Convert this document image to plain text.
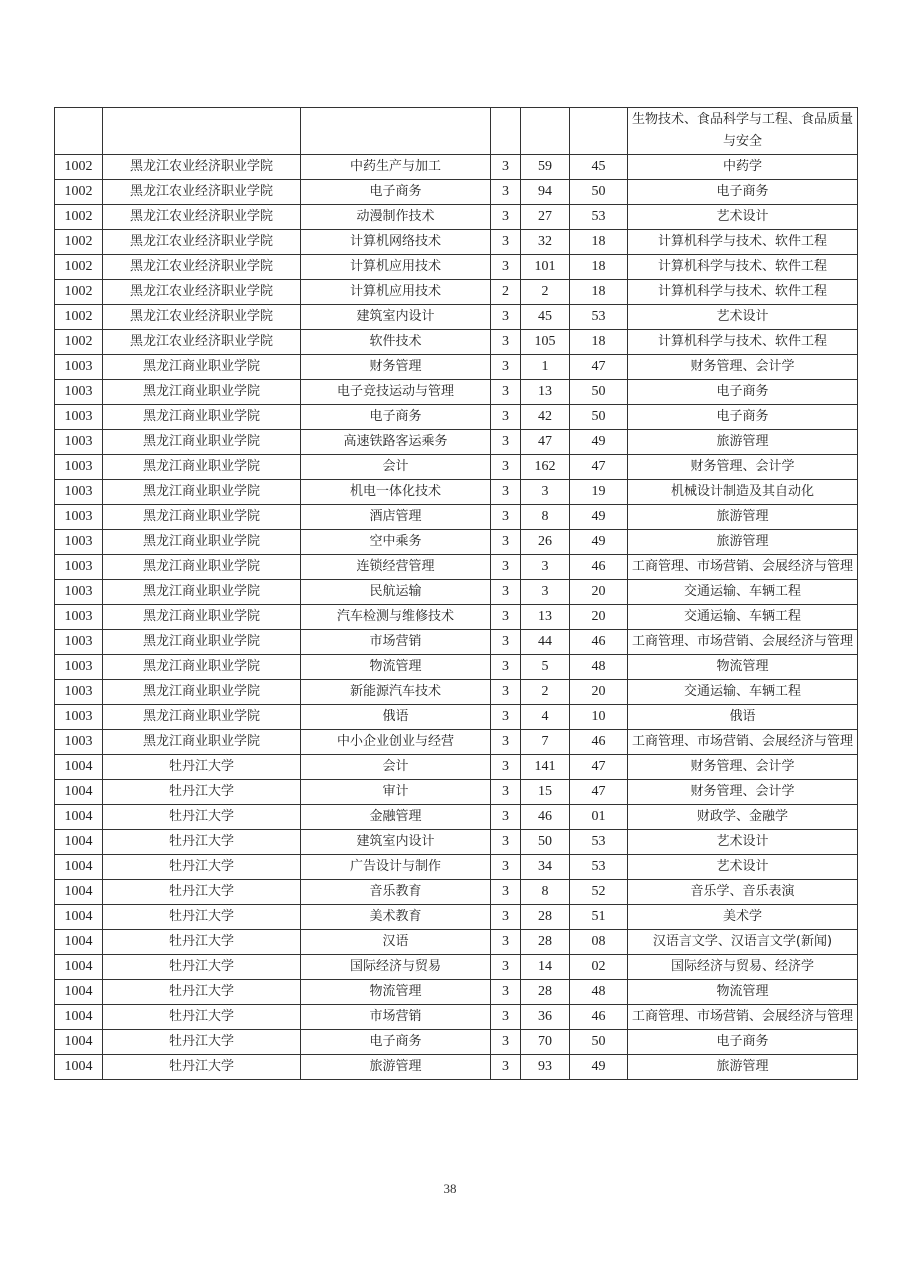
						生物技术、食品科学与工程、食品质量与安全
1002	黑龙江农业经济职业学院	中药生产与加工	3	59	45	中药学
1002	黑龙江农业经济职业学院	电子商务	3	94	50	电子商务
1002	黑龙江农业经济职业学院	动漫制作技术	3	27	53	艺术设计
1002	黑龙江农业经济职业学院	计算机网络技术	3	32	18	计算机科学与技术、软件工程
1002	黑龙江农业经济职业学院	计算机应用技术	3	101	18	计算机科学与技术、软件工程
1002	黑龙江农业经济职业学院	计算机应用技术	2	2	18	计算机科学与技术、软件工程
1002	黑龙江农业经济职业学院	建筑室内设计	3	45	53	艺术设计
1002	黑龙江农业经济职业学院	软件技术	3	105	18	计算机科学与技术、软件工程
1003	黑龙江商业职业学院	财务管理	3	1	47	财务管理、会计学
1003	黑龙江商业职业学院	电子竞技运动与管理	3	13	50	电子商务
1003	黑龙江商业职业学院	电子商务	3	42	50	电子商务
1003	黑龙江商业职业学院	高速铁路客运乘务	3	47	49	旅游管理
1003	黑龙江商业职业学院	会计	3	162	47	财务管理、会计学
1003	黑龙江商业职业学院	机电一体化技术	3	3	19	机械设计制造及其自动化
1003	黑龙江商业职业学院	酒店管理	3	8	49	旅游管理
1003	黑龙江商业职业学院	空中乘务	3	26	49	旅游管理
1003	黑龙江商业职业学院	连锁经营管理	3	3	46	工商管理、市场营销、会展经济与管理
1003	黑龙江商业职业学院	民航运输	3	3	20	交通运输、车辆工程
1003	黑龙江商业职业学院	汽车检测与维修技术	3	13	20	交通运输、车辆工程
1003	黑龙江商业职业学院	市场营销	3	44	46	工商管理、市场营销、会展经济与管理
1003	黑龙江商业职业学院	物流管理	3	5	48	物流管理
1003	黑龙江商业职业学院	新能源汽车技术	3	2	20	交通运输、车辆工程
1003	黑龙江商业职业学院	俄语	3	4	10	俄语
1003	黑龙江商业职业学院	中小企业创业与经营	3	7	46	工商管理、市场营销、会展经济与管理
1004	牡丹江大学	会计	3	141	47	财务管理、会计学
1004	牡丹江大学	审计	3	15	47	财务管理、会计学
1004	牡丹江大学	金融管理	3	46	01	财政学、金融学
1004	牡丹江大学	建筑室内设计	3	50	53	艺术设计
1004	牡丹江大学	广告设计与制作	3	34	53	艺术设计
1004	牡丹江大学	音乐教育	3	8	52	音乐学、音乐表演
1004	牡丹江大学	美术教育	3	28	51	美术学
1004	牡丹江大学	汉语	3	28	08	汉语言文学、汉语言文学(新闻)
1004	牡丹江大学	国际经济与贸易	3	14	02	国际经济与贸易、经济学
1004	牡丹江大学	物流管理	3	28	48	物流管理
1004	牡丹江大学	市场营销	3	36	46	工商管理、市场营销、会展经济与管理
1004	牡丹江大学	电子商务	3	70	50	电子商务
1004	牡丹江大学	旅游管理	3	93	49	旅游管理
38
